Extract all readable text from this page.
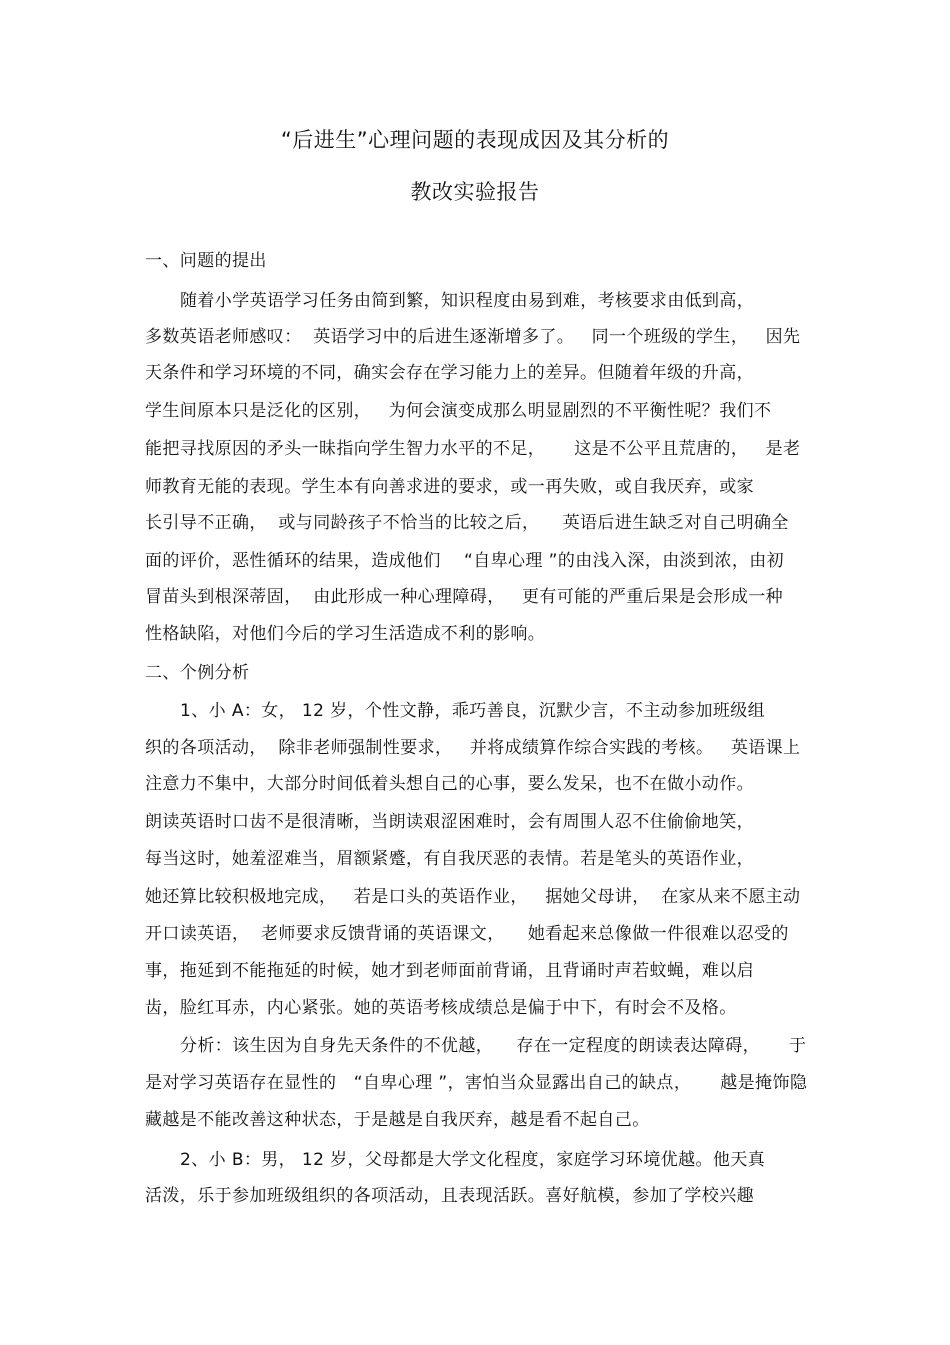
“后进生”心理问题的表现成因及其分析的
教改实验报告
一、问题的提出
随着小学英语学习任务由简到繁，知识程度由易到难，考核要求由低到高，
多数英语老师感叹：  英语学习中的后进生逐渐增多了。   同一个班级的学生，   因先
天条件和学习环境的不同，确实会存在学习能力上的差异。但随着年级的升高，
学生间原本只是泛化的区别，   为何会演变成那么明显剧烈的不平衡性呢？我们不
能把寻找原因的矛头一昧指向学生智力水平的不足，     这是不公平且荒唐的，   是老
师教育无能的表现。学生本有向善求进的要求，或一再失败，或自我厌弃，或家
长引导不正确，  或与同龄孩子不恰当的比较之后，    英语后进生缺乏对自己明确全
面的评价，恶性循环的结果，造成他们    “自卑心理 ”的由浅入深，由淡到浓，由初
冒苗头到根深蒂固，  由此形成一种心理障碍，   更有可能的严重后果是会形成一种
性格缺陷，对他们今后的学习生活造成不利的影响。
二、个例分析
1、小 A：女， 12 岁，个性文静，乖巧善良，沉默少言，不主动参加班级组
织的各项活动，  除非老师强制性要求，   并将成绩算作综合实践的考核。   英语课上
注意力不集中，大部分时间低着头想自己的心事，要么发呆，也不在做小动作。
朗读英语时口齿不是很清晰，当朗读艰涩困难时，会有周围人忍不住偷偷地笑，
每当这时，她羞涩难当，眉额紧蹙，有自我厌恶的表情。若是笔头的英语作业，
她还算比较积极地完成，   若是口头的英语作业，   据她父母讲，  在家从来不愿主动
开口读英语，  老师要求反馈背诵的英语课文，    她看起来总像做一件很难以忍受的
事，拖延到不能拖延的时候，她才到老师面前背诵，且背诵时声若蚊蝇，难以启
齿，脸红耳赤，内心紧张。她的英语考核成绩总是偏于中下，有时会不及格。
分析：该生因为自身先天条件的不优越，    存在一定程度的朗读表达障碍，     于
是对学习英语存在显性的   “自卑心理 ”，害怕当众显露出自己的缺点，     越是掩饰隐
藏越是不能改善这种状态，于是越是自我厌弃，越是看不起自己。
2、小 B：男， 12 岁，父母都是大学文化程度，家庭学习环境优越。他天真
活泼，乐于参加班级组织的各项活动，且表现活跃。喜好航模，参加了学校兴趣
